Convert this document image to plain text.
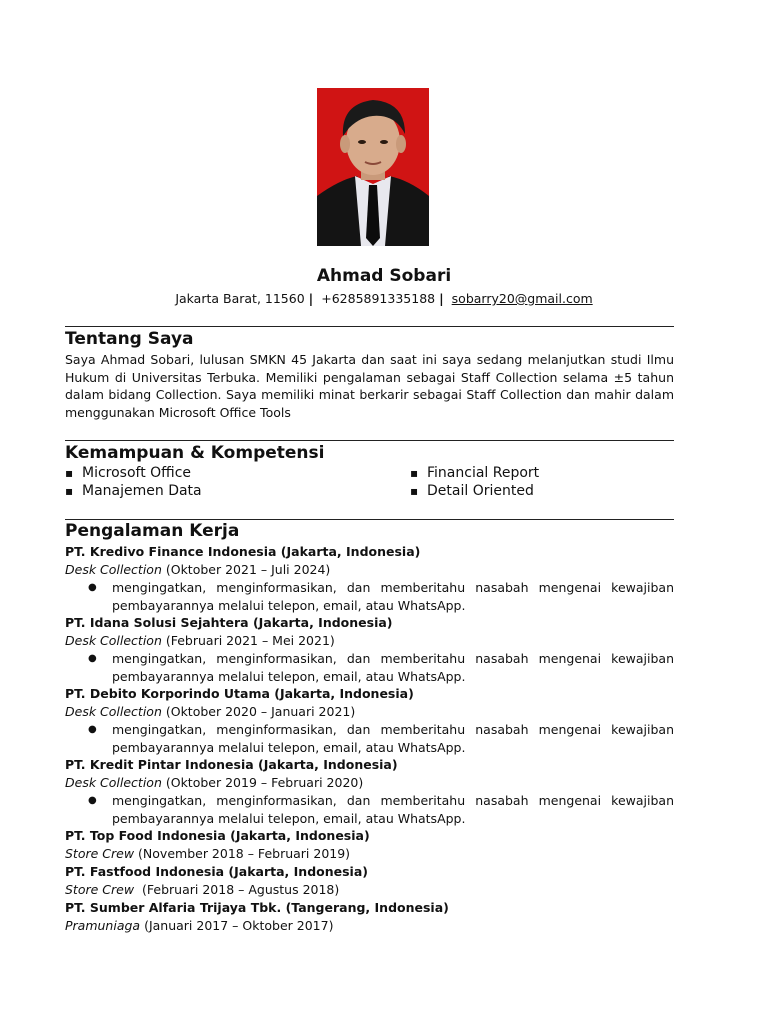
Ahmad Sobari
Jakarta Barat, 11560 | +6285891335188 | sobarry20@gmail.com
Tentang Saya
Saya Ahmad Sobari, lulusan SMKN 45 Jakarta dan saat ini saya sedang melanjutkan studi Ilmu Hukum di Universitas Terbuka. Memiliki pengalaman sebagai Staff Collection selama ±5 tahun dalam bidang Collection. Saya memiliki minat berkarir sebagai Staff Collection dan mahir dalam menggunakan Microsoft Office Tools
Kemampuan & Kompetensi
▪ Microsoft Office
▪ Manajemen Data
▪ Financial Report
▪ Detail Oriented
Pengalaman Kerja
PT. Kredivo Finance Indonesia (Jakarta, Indonesia)
Desk Collection (Oktober 2021 – Juli 2024)
● mengingatkan, menginformasikan, dan memberitahu nasabah mengenai kewajiban pembayarannya melalui telepon, email, atau WhatsApp.
PT. Idana Solusi Sejahtera (Jakarta, Indonesia)
Desk Collection (Februari 2021 – Mei 2021)
● mengingatkan, menginformasikan, dan memberitahu nasabah mengenai kewajiban pembayarannya melalui telepon, email, atau WhatsApp.
PT. Debito Korporindo Utama (Jakarta, Indonesia)
Desk Collection (Oktober 2020 – Januari 2021)
● mengingatkan, menginformasikan, dan memberitahu nasabah mengenai kewajiban pembayarannya melalui telepon, email, atau WhatsApp.
PT. Kredit Pintar Indonesia (Jakarta, Indonesia)
Desk Collection (Oktober 2019 – Februari 2020)
● mengingatkan, menginformasikan, dan memberitahu nasabah mengenai kewajiban pembayarannya melalui telepon, email, atau WhatsApp.
PT. Top Food Indonesia (Jakarta, Indonesia)
Store Crew (November 2018 – Februari 2019)
PT. Fastfood Indonesia (Jakarta, Indonesia)
Store Crew  (Februari 2018 – Agustus 2018)
PT. Sumber Alfaria Trijaya Tbk. (Tangerang, Indonesia)
Pramuniaga (Januari 2017 – Oktober 2017)
